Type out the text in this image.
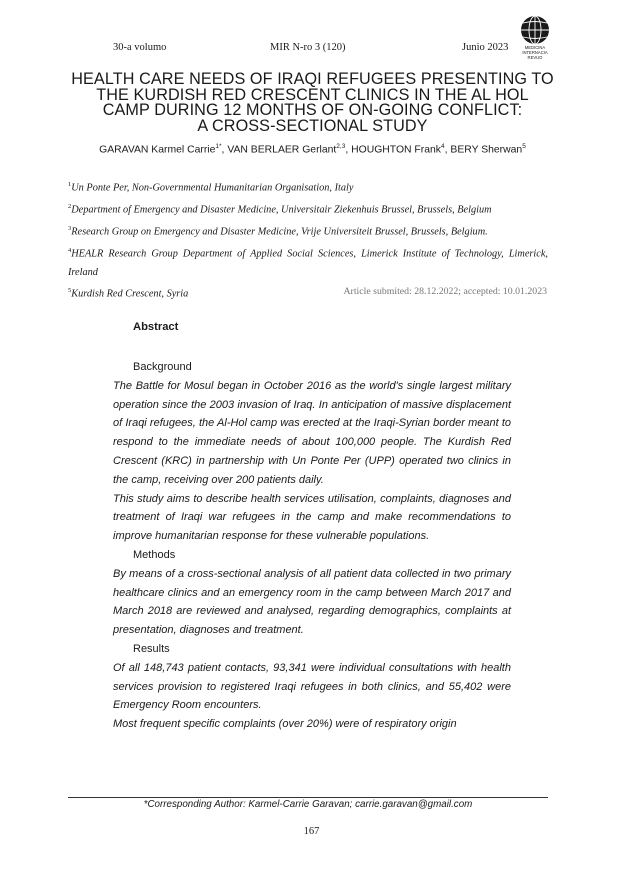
30-a volumo	MIR N-ro 3 (120)	Junio 2023	MEDICINA
INTERNACIA
REVUO
HEALTH CARE NEEDS OF IRAQI REFUGEES PRESENTING TO
THE KURDISH RED CRESCENT CLINICS IN THE AL HOL
CAMP DURING 12 MONTHS OF ON-GOING CONFLICT:
A CROSS-SECTIONAL STUDY
GARAVAN Karmel Carrie$^{1*}$, VAN BERLAER Gerlant$^{2,3}$, HOUGHTON Frank$^4$, BERY Sherwan$^5$

$^1$Un Ponte Per, Non-Governmental Humanitarian Organisation, Italy

$^2$Department of Emergency and Disaster Medicine, Universitair Ziekenhuis Brussel, Brussels, Belgium

$^3$Research Group on Emergency and Disaster Medicine, Vrije Universiteit Brussel, Brussels, Belgium.

$^4$HEALR Research Group Department of Applied Social Sciences, Limerick Institute of Technology, Limerick, Ireland

$^5$Kurdish Red Crescent, Syria	Article submited: 28.12.2022; accepted: 10.01.2023
Abstract

Background

The Battle for Mosul began in October 2016 as the world's single largest military operation since the 2003 invasion of Iraq. In anticipation of massive displacement of Iraqi refugees, the Al-Hol camp was erected at the Iraqi-Syrian border meant to respond to the immediate needs of about 100,000 people. The Kurdish Red Crescent (KRC) in partnership with Un Ponte Per (UPP) operated two clinics in the camp, receiving over 200 patients daily.

This study aims to describe health services utilisation, complaints, diagnoses and treatment of Iraqi war refugees in the camp and make recommendations to improve humanitarian response for these vulnerable populations.

Methods

By means of a cross-sectional analysis of all patient data collected in two primary healthcare clinics and an emergency room in the camp between March 2017 and March 2018 are reviewed and analysed, regarding demographics, complaints at presentation, diagnoses and treatment.

Results

Of all 148,743 patient contacts, 93,341 were individual consultations with health services provision to registered Iraqi refugees in both clinics, and 55,402 were Emergency Room encounters.

Most frequent specific complaints (over 20%) were of respiratory origin

*Corresponding Author: Karmel-Carrie Garavan; carrie.garavan@gmail.com
167
